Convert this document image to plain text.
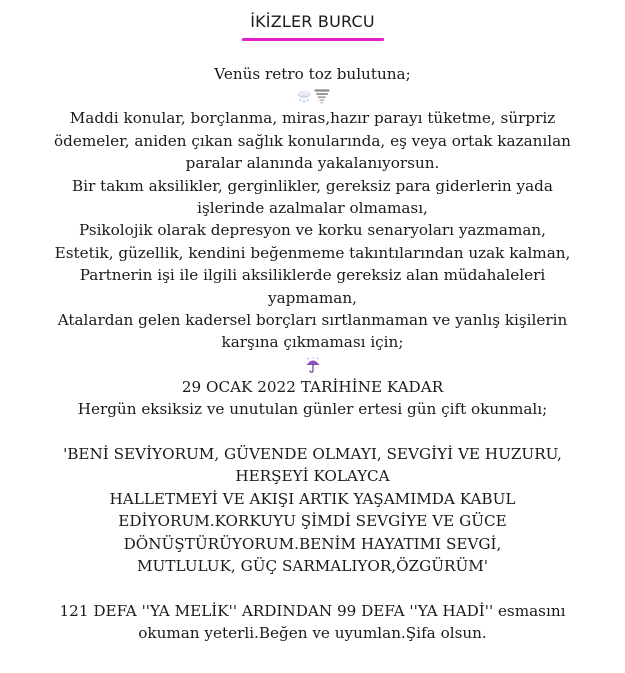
İKİZLER BURCU

Venüs retro toz bulutuna;

Maddi konular, borçlanma, miras,hazır parayı tüketme, sürpriz

ödemeler, aniden çıkan sağlık konularında, eş veya ortak kazanılan

paralar alanında yakalanıyorsun.

Bir takım aksilikler, gerginlikler, gereksiz para giderlerin yada

işlerinde azalmalar olmaması,

Psikolojik olarak depresyon ve korku senaryoları yazmaman,

Estetik, güzellik, kendini beğenmeme takıntılarından uzak kalman,

Partnerin işi ile ilgili aksiliklerde gereksiz alan müdahaleleri

yapmaman,

Atalardan gelen kadersel borçları sırtlanmaman ve yanlış kişilerin

karşına çıkmaması için;

29 OCAK 2022 TARİHİNE KADAR

Hergün eksiksiz ve unutulan günler ertesi gün çift okunmalı;

'BENİ SEVİYORUM, GÜVENDE OLMAYI, SEVGİYİ VE HUZURU,

HERŞEYİ KOLAYCA

HALLETMEYİ VE AKIŞI ARTIK YAŞAMIMDA KABUL

EDİYORUM.KORKUYU ŞİMDİ SEVGİYE VE GÜCE

DÖNÜŞTÜRÜYORUM.BENİM HAYATIMI SEVGİ,

MUTLULUK, GÜÇ SARMALIYOR,ÖZGÜRÜM'

121 DEFA ''YA MELİK'' ARDINDAN 99 DEFA ''YA HADİ'' esmasını

okuman yeterli.Beğen ve uyumlan.Şifa olsun.
